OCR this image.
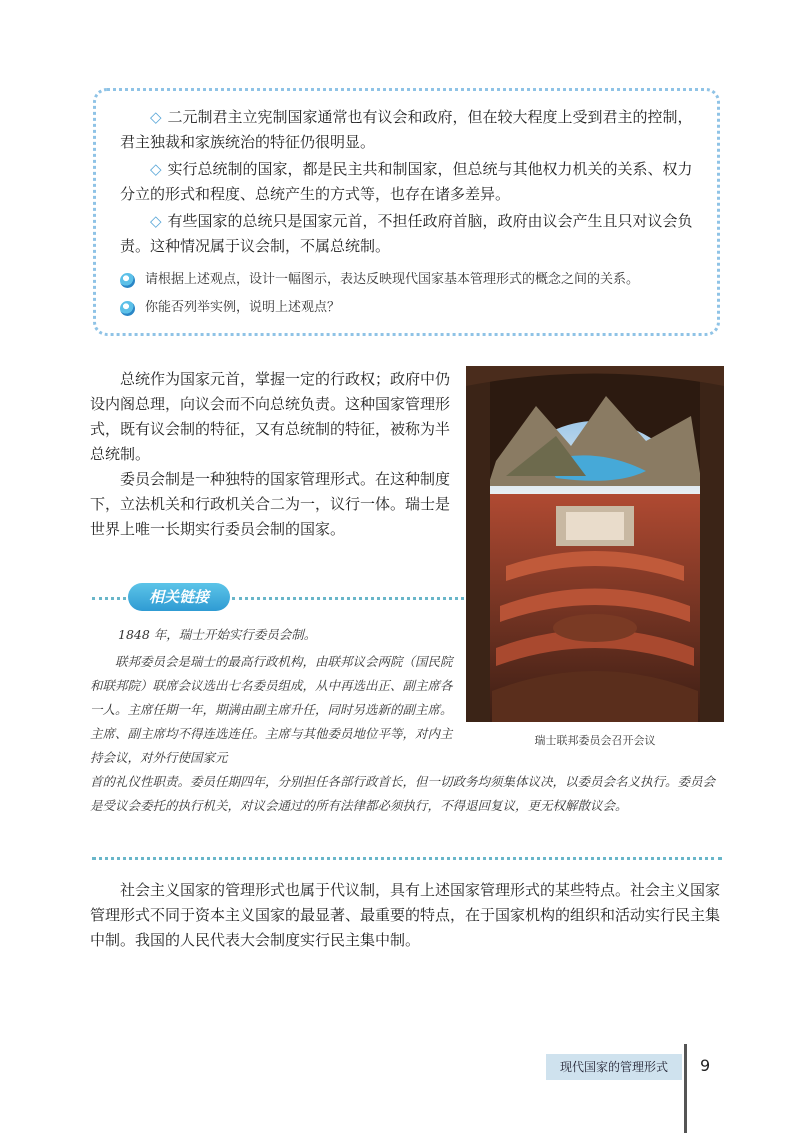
◇ 二元制君主立宪制国家通常也有议会和政府，但在较大程度上受到君主的控制，君主独裁和家族统治的特征仍很明显。

◇ 实行总统制的国家，都是民主共和制国家，但总统与其他权力机关的关系、权力分立的形式和程度、总统产生的方式等，也存在诸多差异。

◇ 有些国家的总统只是国家元首，不担任政府首脑，政府由议会产生且只对议会负责。这种情况属于议会制，不属总统制。

请根据上述观点，设计一幅图示，表达反映现代国家基本管理形式的概念之间的关系。
你能否列举实例，说明上述观点？

总统作为国家元首，掌握一定的行政权；政府中仍设内阁总理，向议会而不向总统负责。这种国家管理形式，既有议会制的特征，又有总统制的特征，被称为半总统制。

委员会制是一种独特的国家管理形式。在这种制度下，立法机关和行政机关合二为一，议行一体。瑞士是世界上唯一长期实行委员会制的国家。

瑞士联邦委员会召开会议
相关链接

1848 年，瑞士开始实行委员会制。

联邦委员会是瑞士的最高行政机构，由联邦议会两院（国民院和联邦院）联席会议选出七名委员组成，从中再选出正、副主席各一人。主席任期一年，期满由副主席升任，同时另选新的副主席。主席、副主席均不得连选连任。主席与其他委员地位平等，对内主持会议，对外行使国家元

首的礼仪性职责。委员任期四年，分别担任各部行政首长，但一切政务均须集体议决，以委员会名义执行。委员会是受议会委托的执行机关，对议会通过的所有法律都必须执行，不得退回复议，更无权解散议会。

社会主义国家的管理形式也属于代议制，具有上述国家管理形式的某些特点。社会主义国家管理形式不同于资本主义国家的最显著、最重要的特点，在于国家机构的组织和活动实行民主集中制。我国的人民代表大会制度实行民主集中制。

现代国家的管理形式	9
